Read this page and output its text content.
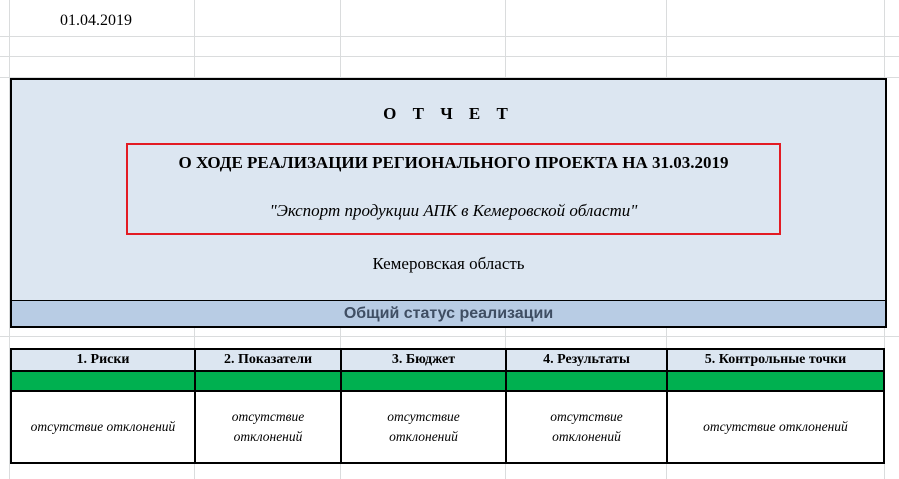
01.04.2019
О Т Ч Е Т
О ХОДЕ РЕАЛИЗАЦИИ РЕГИОНАЛЬНОГО ПРОЕКТА НА 31.03.2019
"Экспорт продукции АПК в Кемеровской области"
Кемеровская область
Общий статус реализации
1. Риски	2. Показатели	3. Бюджет	4. Результаты	5. Контрольные точки

отсутствие отклонений	отсутствие отклонений	отсутствие отклонений	отсутствие отклонений	отсутствие отклонений
